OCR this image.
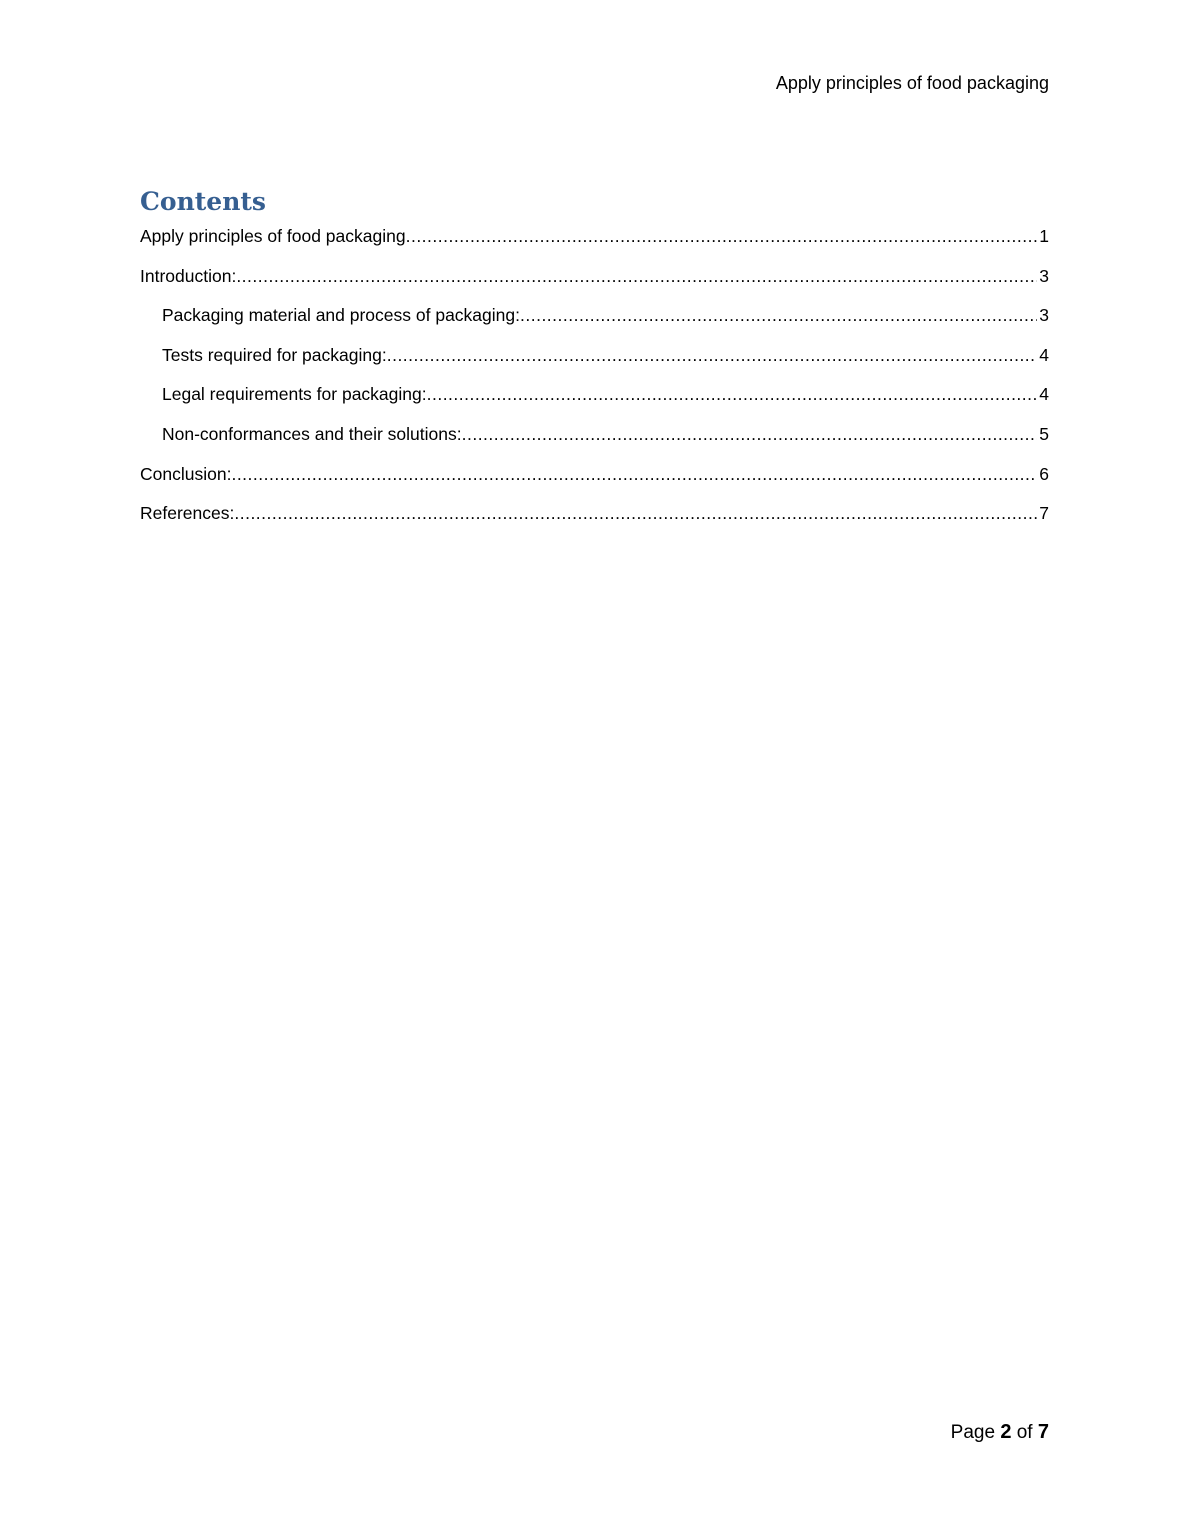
Apply principles of food packaging
Contents
Apply principles of food packaging .....	1
Introduction: .....	3
Packaging material and process of packaging: .....	3
Tests required for packaging: .....	4
Legal requirements for packaging: .....	4
Non-conformances and their solutions: .....	5
Conclusion: .....	6
References: .....	7
Page 2 of 7
